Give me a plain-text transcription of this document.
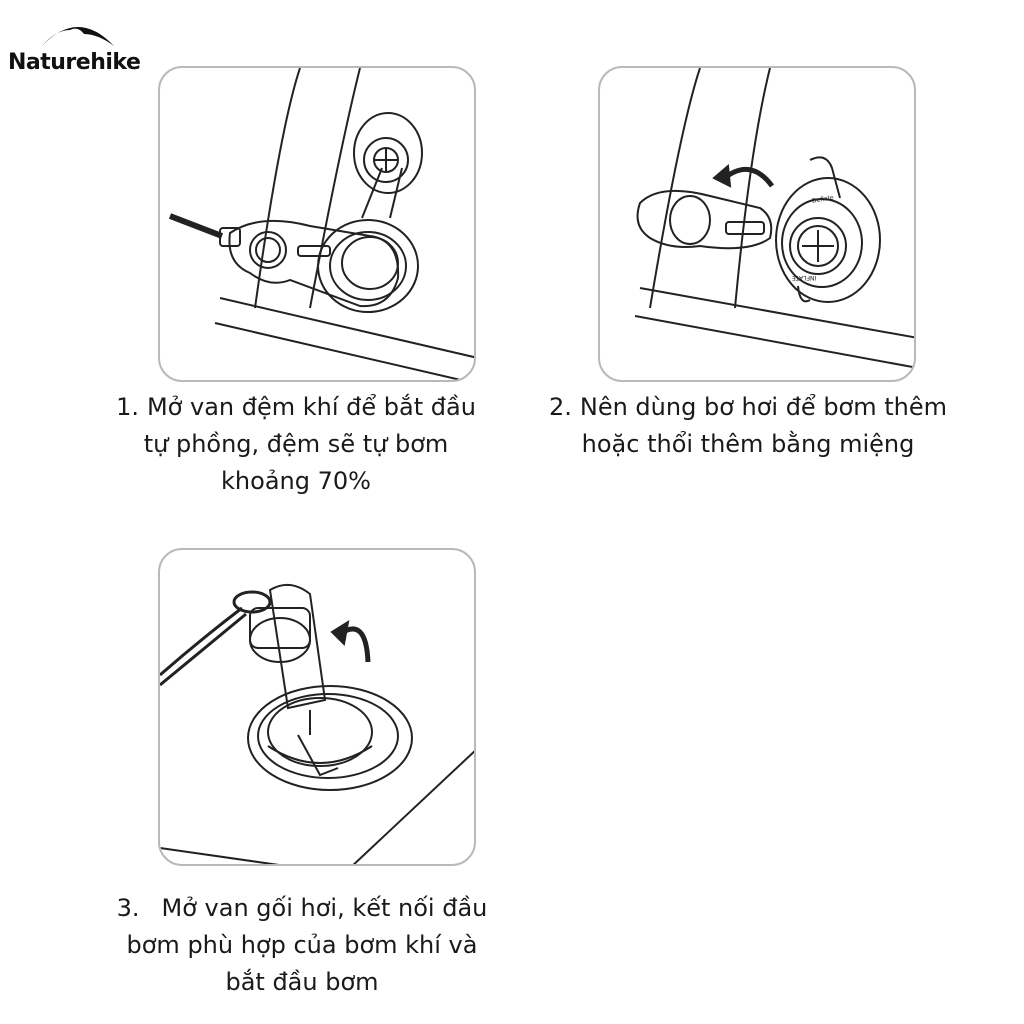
Naturehike
1. Mở van đệm khí để bắt đầu
tự phồng, đệm sẽ tự bơm
khoảng 70%
Deflate
INFLATE
2. Nên dùng bơ hơi để bơm thêm
hoặc thổi thêm bằng miệng
3. Mở van gối hơi, kết nối đầu
bơm phù hợp của bơm khí và
bắt đầu bơm
